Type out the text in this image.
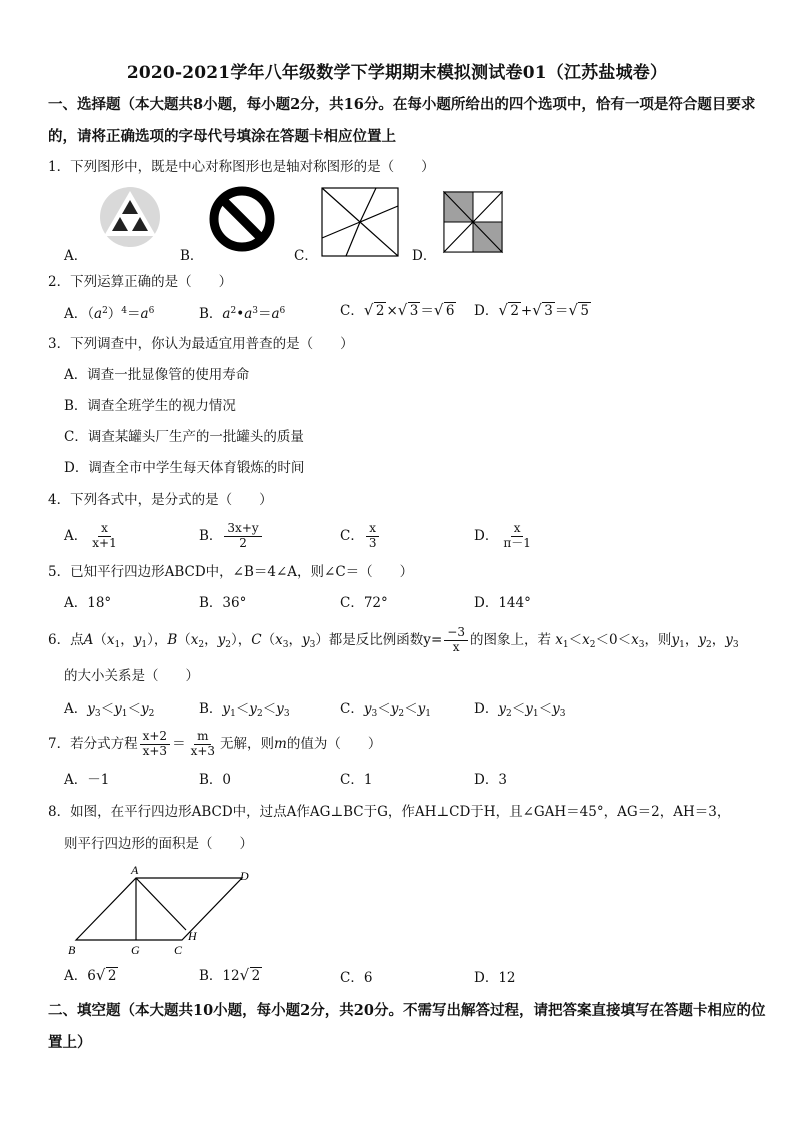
2020-2021学年八年级数学下学期期末模拟测试卷01（江苏盐城卷）
一、选择题（本大题共8小题，每小题2分，共16分。在每小题所给出的四个选项中，恰有一项是符合题目要求
的，请将正确选项的字母代号填涂在答题卡相应位置上
1．下列图形中，既是中心对称图形也是轴对称图形的是（　　）
A．	B．	C．	D．
2．下列运算正确的是（　　）
A．$(a^2)^4=a^6$	B．$a^2•a^3=a^6$	C． √ 2 × √ 3 ＝ √ 6 D． √ 2 + √ 3 ＝ √ 5
3．下列调查中，你认为最适宜用普查的是（　　）
A．调查一批显像管的使用寿命
B．调查全班学生的视力情况
C．调查某罐头厂生产的一批罐头的质量
D．调查全市中学生每天体育锻炼的时间
4．下列各式中，是分式的是（　　）
A． $\frac{x}{x+1}$	B． $\frac{3x+y}{2}$	C． $\frac{x}{3}$	D． $\frac{x}{\pi-1}$
5．已知平行四边形ABCD中，∠B＝4∠A，则∠C＝（　　）
A．18°	B．36°	C．72°	D．144°
6．点$A(x_1$，$y_1$），$B(x_2$，$y_2$），$C(x_3$，$y_3$）都是反比例函数$y= \frac{-3}{x}$ 的图象上，若 $x_1<x_2<0<x_3$，则$y_1$，$y_2$，$y_3$
的大小关系是（　　）
A．$y_3<y_1<y_2$	B．$y_1<y_2<y_3$	C．$y_3<y_2<y_1$	D．$y_2<y_1<y_3$
7．若分式方程 $\frac{x+2}{x+3} = \frac{m}{x+3}$ 无解，则m的值为（　　）
A．－1	B．0	C．1	D．3
8．如图，在平行四边形ABCD中，过点A作AG⊥BC于G，作AH⊥CD于H，且∠GAH＝45°，AG＝2，AH＝3，
则平行四边形的面积是（　　）
A	D
B	G	C
H
A．6 √ 2	B．12 √ 2	C．6	D．12
二、填空题（本大题共10小题，每小题2分，共20分。不需写出解答过程，请把答案直接填写在答题卡相应的位
置上）
